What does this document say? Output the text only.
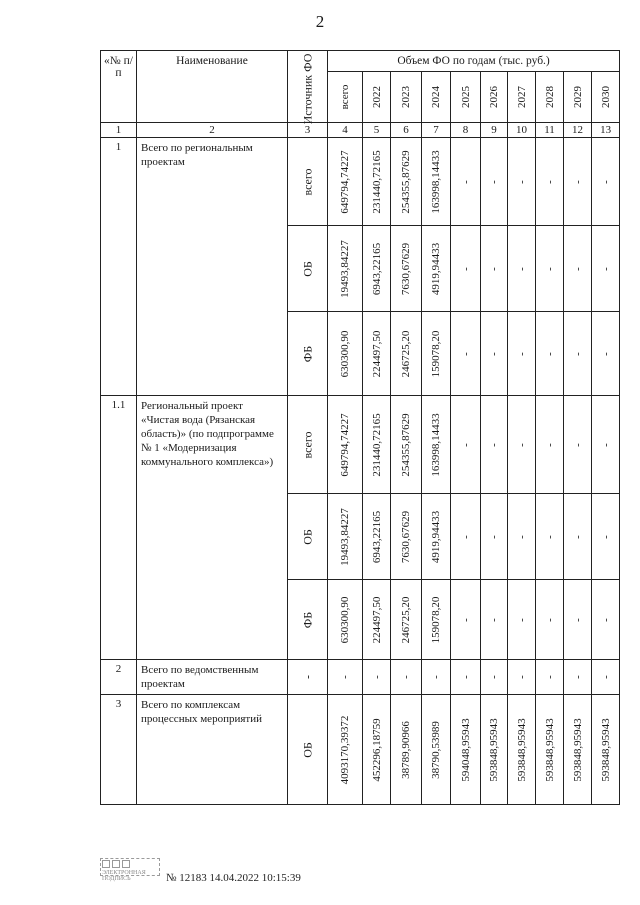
2
«№ п/п	Наименование	Источник ФО	Объем ФО по годам (тыс. руб.)									

			всего	2022	2023	2024	2025	2026	2027	2028	2029	2030

1	2	3	4	5	6	7	8	9	10	11	12	13
1	Всего по региональным проектам	всего	649794,74227	231440,72165	254355,87629	163998,14433	-	-	-	-	-	-

		ОБ	19493,84227	6943,22165	7630,67629	4919,94433	-	-	-	-	-	-

		ФБ	630300,90	224497,50	246725,20	159078,20	-	-	-	-	-	-

1.1	Региональный проект «Чистая вода (Рязанская область)» (по подпрограмме № 1 «Модернизация коммунального комплекса»)	всего	649794,74227	231440,72165	254355,87629	163998,14433	-	-	-	-	-	-

		ОБ	19493,84227	6943,22165	7630,67629	4919,94433	-	-	-	-	-	-

		ФБ	630300,90	224497,50	246725,20	159078,20	-	-	-	-	-	-

2	Всего по ведомственным проектам	-	-	-	-	-	-	-	-	-	-	-

3	Всего по комплексам процессных мероприятий	ОБ	4093170,39372	452296,18759	38789,90966	38790,53989	594048,95943	593848,95943	593848,95943	593848,95943	593848,95943	593848,95943
ЭЛЕКТРОННАЯ ПОДПИСЬ	№ 12183 14.04.2022 10:15:39
